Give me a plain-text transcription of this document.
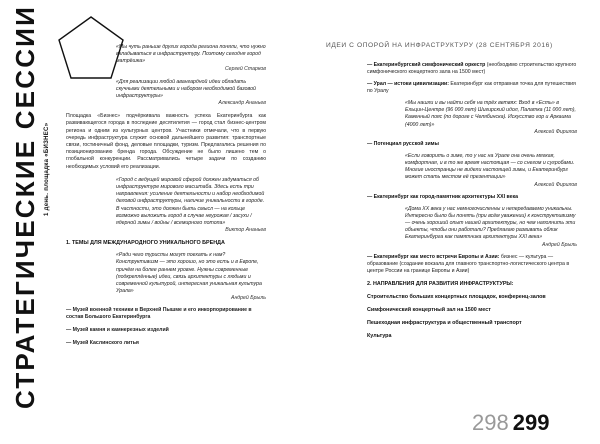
СТРАТЕГИЧЕСКИЕ СЕССИИ 1 день. площадка «БИЗНЕС»
«Мы чуть раньше других города региона поняли, что нужно вкладываться в инфраструктуру. Поэтому сегодня город матрёшка»
Сергей Старков
«Для реализации любой авангардной идеи обладать скучными деятельными и набором необходимой базовой инфраструктуры»
Александр Ананьев
Площадка «Бизнес» подчёркивала важность успеха Екатеринбурга как развивающегося города в последние десятилетия — город стал бизнес-центром региона и одним из культурных центров. Участники отмечали, что в первую очередь инфраструктура служит основой дальнейшего развития: транспортные связи, гостиничный фонд, деловые площадки, туризм. Предлагались решения по позиционированию бренда города. Обсуждение не было лишено тем о глобальной конкуренции. Рассматривались четыре задачи по созданию необходимых условий его реализации.
«Город с ведущей мировой сферой должен задуматься об инфраструктуре мирового масштаба. Здесь есть три направления: усиление деятельности и набор необходимой деловой инфраструктуры, наличие уникальности в городе. В частности, это должен быть смысл — на кольце возможно выложить город в случае неурожая / засухи / ядерной зимы / войны / всемирного потопа»
Виктор Ананьев
1. ТЕМЫ ДЛЯ МЕЖДУНАРОДНОГО УНИКАЛЬНОГО БРЕНДА
«Ради чего туристы могут поехать к нам? Конструктивизм — это хорошо, но это есть и в Европе, причём на более раннем уровне. Нужны современные (подкреплённые) идеи, связь архитектуры с людьми и современной культурой, интересная уникальная культура Урала»
Андрей Брыль
— Музей военной техники в Верхней Пышме и его инкорпорирование в состав Большого Екатеринбурга
— Музей камня и камнерезных изделий
— Музей Каслинского литья
ИДЕИ С ОПОРОЙ НА ИНФРАСТРУКТУРУ (28 СЕНТЯБРЯ 2016)
— Екатеринбургский симфонический оркестр (необходимо строительство крупного симфонического концертного зала на 1500 мест)
— Урал — истоки цивилизации: Екатеринбург как отправная точка для путешествия по Уралу
«Мы нашли и вы найти себя на трёх ветвях: Вход в «Есть» в Ельцин-Центре (96 000 лет) Шигирский идол, Палатка (11 000 лет), Каменный пояс (по дороге с Челябинска). Искусство гор и Аркаима (4000 лет)»
Алексей Фирилов
— Потенциал русской зимы
«Если говорить о зиме, то у нас на Урале она очень мягкая, комфортная, и в то же время настоящая — со снегом и сугробами. Многие иностранцы не видели настоящей зимы, и Екатеринбург может стать местом её презентации»
Алексей Фирилов
— Екатеринбург как город-памятник архитектуры XXI века
«Дома XX века у нас немногочисленны и непередаваемо уникальны. Интересно было бы понять (при всём уважении) к конструктивизму — очень хороший опыт нашей архитектуры, но чем наполнить эти объекты, чтобы они работали? Предлагаю развивать облик Екатеринбурга как памятника архитектуры XXI века»
Андрей Брыль
— Екатеринбург как место встречи Европы и Азии: бизнес — культура — образование (создание вокзала для главного транспортно-логистического центра в центре России на границе Европы и Азии)
2. НАПРАВЛЕНИЯ ДЛЯ РАЗВИТИЯ ИНФРАСТРУКТУРЫ:
Строительство больших концертных площадок, конференц-залов
Симфонический концертный зал на 1500 мест
Пешеходная инфраструктура и общественный транспорт
Культура
298 299
